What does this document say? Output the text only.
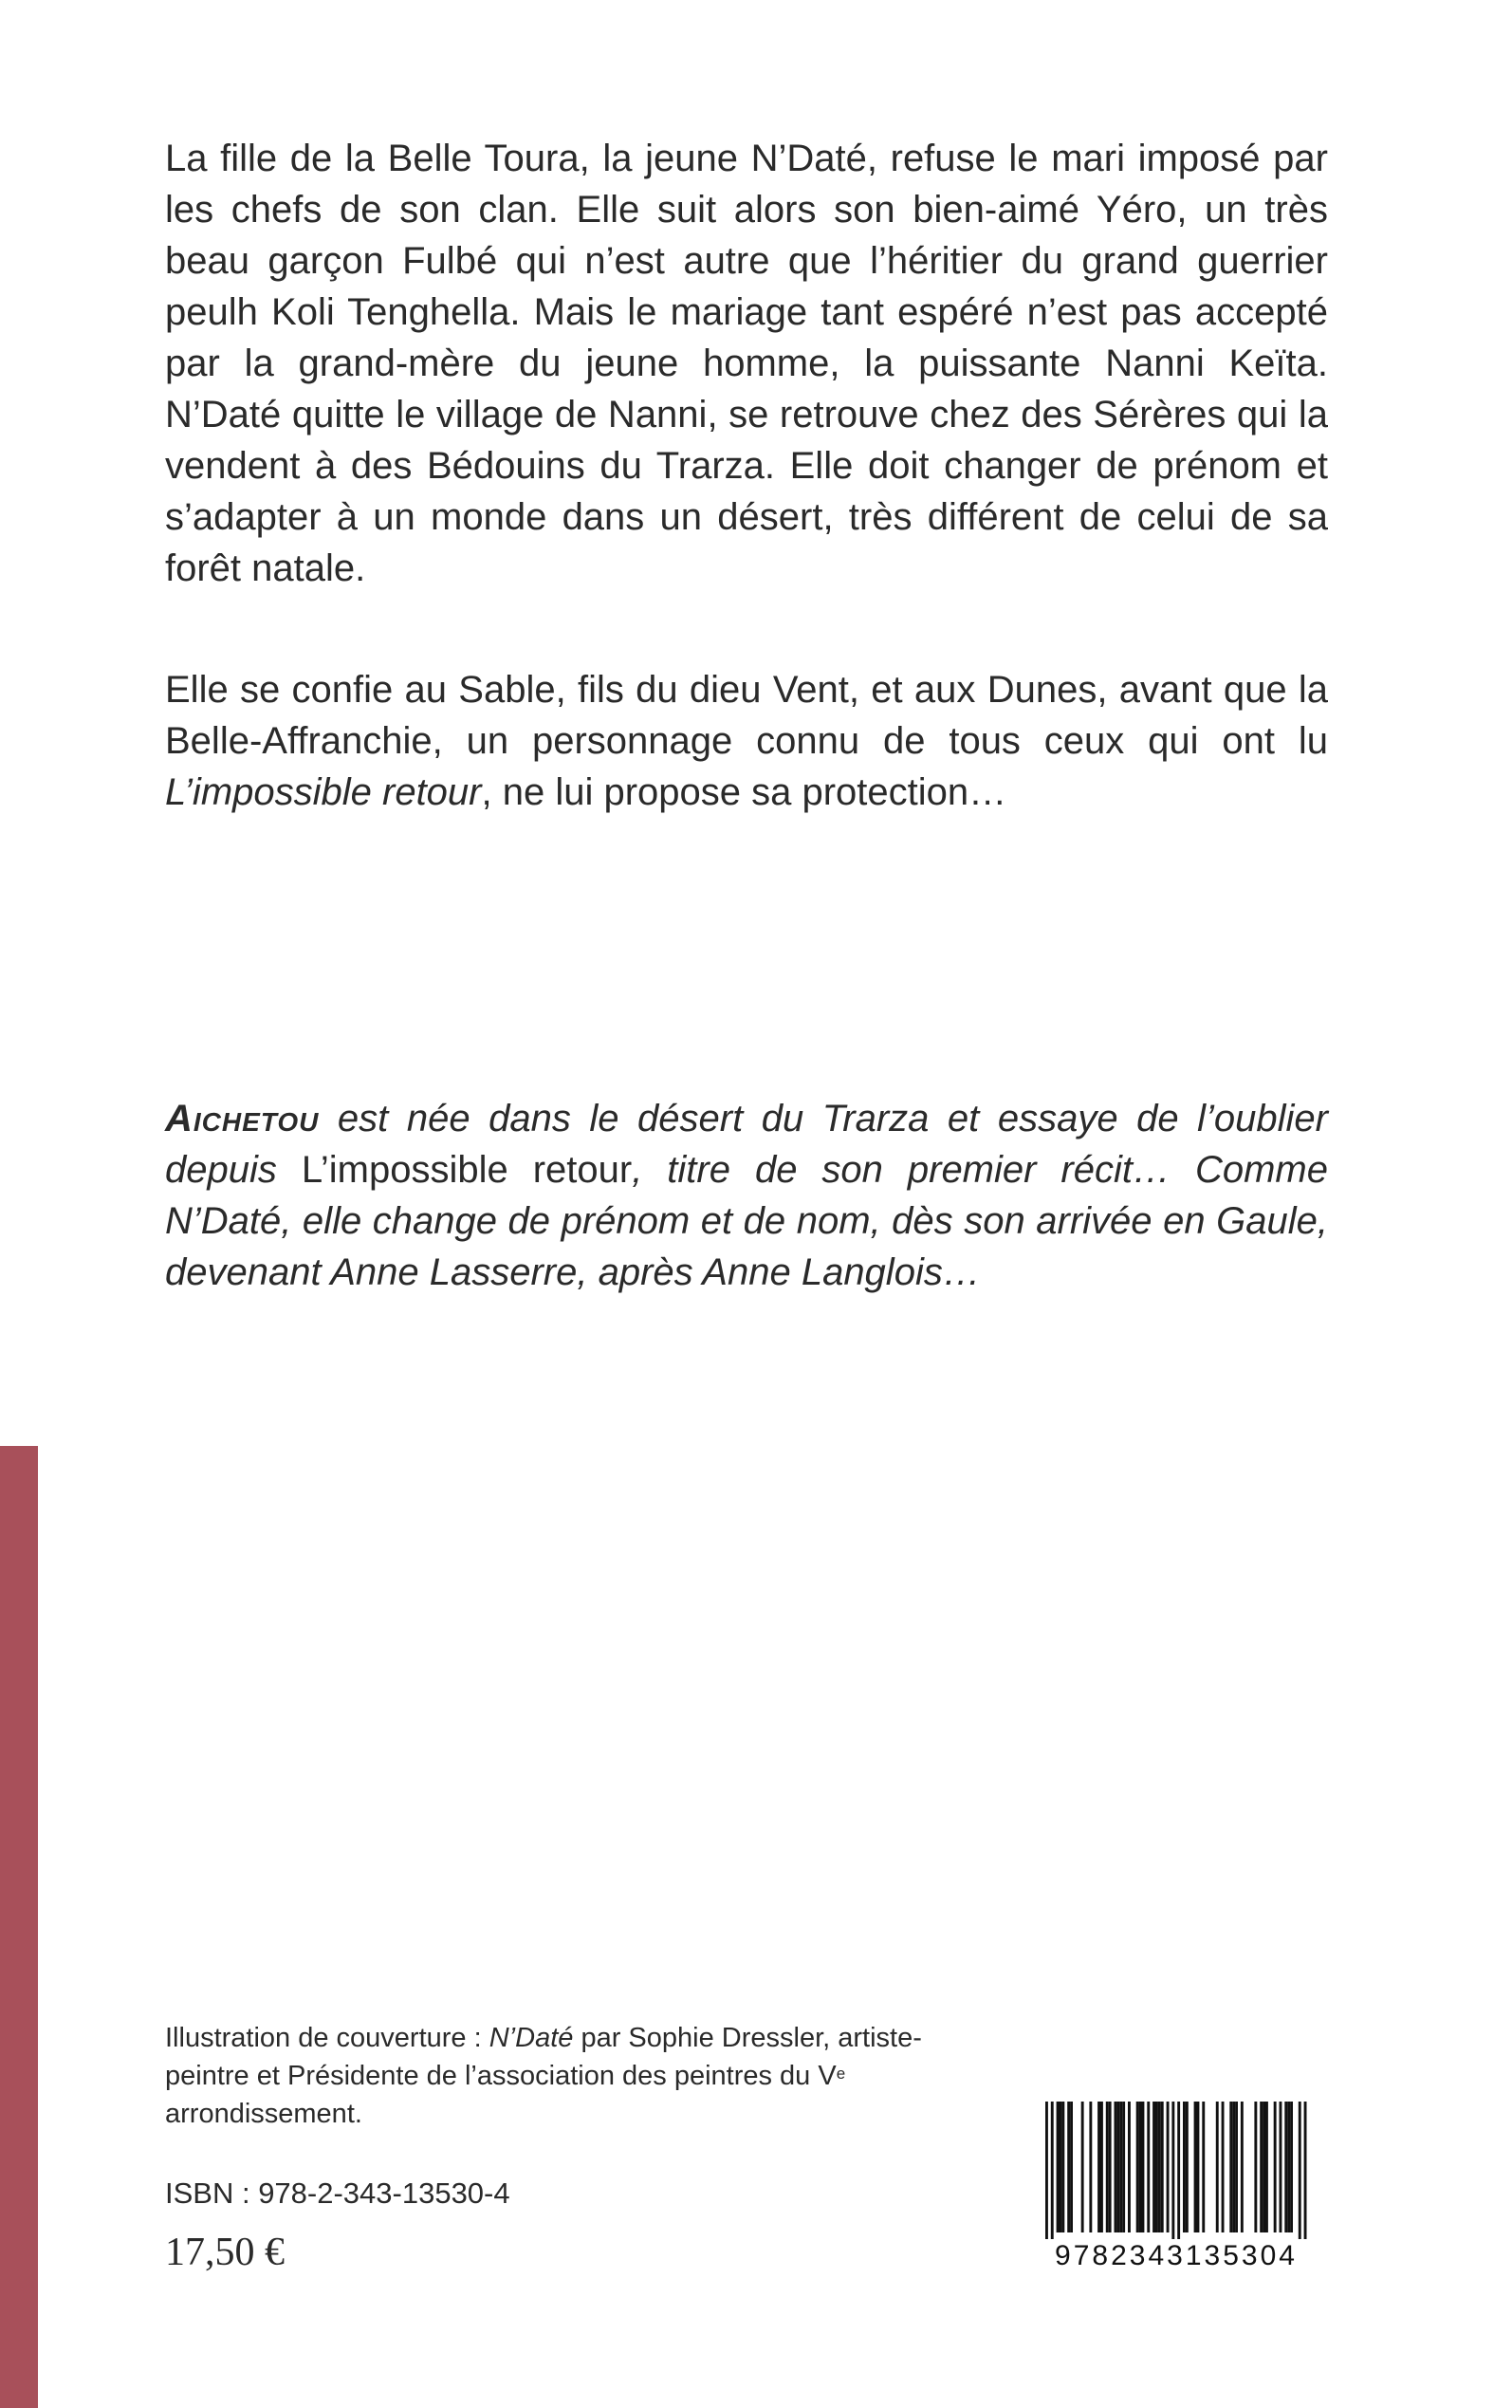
La fille de la Belle Toura, la jeune N’Daté, refuse le mari imposé par les chefs de son clan. Elle suit alors son bien-aimé Yéro, un très beau garçon Fulbé qui n’est autre que l’héritier du grand guerrier peulh Koli Tenghella. Mais le mariage tant espéré n’est pas accepté par la grand-mère du jeune homme, la puissante Nanni Keïta. N’Daté quitte le village de Nanni, se retrouve chez des Sérères qui la vendent à des Bédouins du Trarza. Elle doit changer de prénom et s’adapter à un monde dans un désert, très différent de celui de sa forêt natale.

Elle se confie au Sable, fils du dieu Vent, et aux Dunes, avant que la Belle-Affranchie, un personnage connu de tous ceux qui ont lu L’impossible retour, ne lui propose sa protection…

Aichetou est née dans le désert du Trarza et essaye de l’oublier depuis L’impossible retour, titre de son premier récit… Comme N’Daté, elle change de prénom et de nom, dès son arrivée en Gaule, devenant Anne Lasserre, après Anne Langlois…

Illustration de couverture : N’Daté par Sophie Dressler, artiste-peintre et Présidente de l’association des peintres du Ve arrondissement.

ISBN : 978-2-343-13530-4

17,50 €	9782343135304
